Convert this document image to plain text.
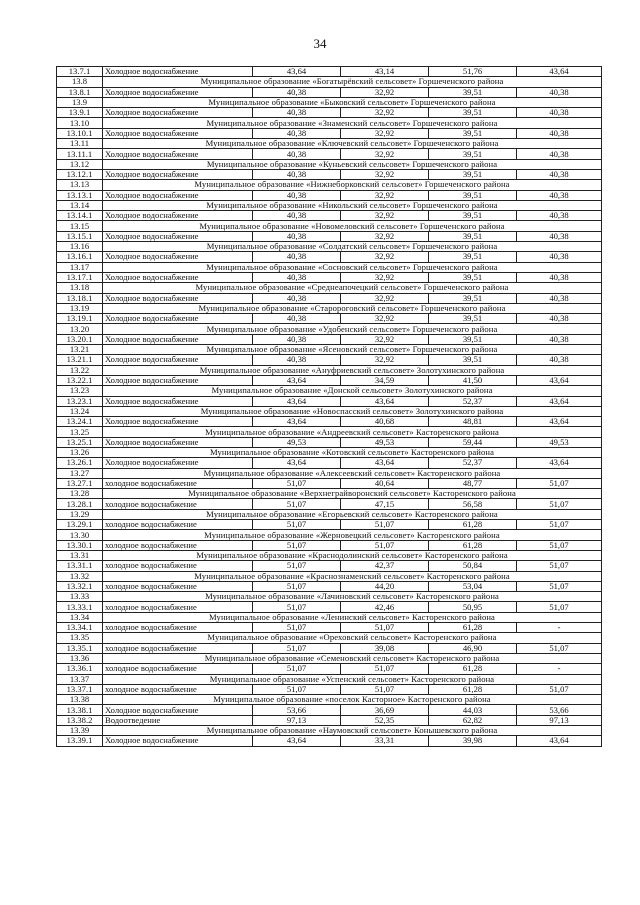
34
13.7.1	Холодное водоснабжение	43,64	43,14	51,76	43,64
13.8	Муниципальное образование «Богатырёвский сельсовет» Горшеченского района				
13.8.1	Холодное водоснабжение	40,38	32,92	39,51	40,38
13.9	Муниципальное образование «Быковский сельсовет» Горшеченского района				
13.9.1	Холодное водоснабжение	40,38	32,92	39,51	40,38
13.10	Муниципальное образование «Знаменский сельсовет» Горшеченского района				
13.10.1	Холодное водоснабжение	40,38	32,92	39,51	40,38
13.11	Муниципальное образование «Ключевский сельсовет» Горшеченского района				
13.11.1	Холодное водоснабжение	40,38	32,92	39,51	40,38
13.12	Муниципальное образование «Куньевский сельсовет» Горшеченского района				
13.12.1	Холодное водоснабжение	40,38	32,92	39,51	40,38
13.13	Муниципальное образование «Нижнеборковский сельсовет» Горшеченского района				
13.13.1	Холодное водоснабжение	40,38	32,92	39,51	40,38
13.14	Муниципальное образование «Никольский сельсовет» Горшеченского района				
13.14.1	Холодное водоснабжение	40,38	32,92	39,51	40,38
13.15	Муниципальное образование «Новомеловский сельсовет» Горшеченского района				
13.15.1	Холодное водоснабжение	40,38	32,92	39,51	40,38
13.16	Муниципальное образование «Солдатский сельсовет» Горшеченского района				
13.16.1	Холодное водоснабжение	40,38	32,92	39,51	40,38
13.17	Муниципальное образование «Сосновский сельсовет» Горшеченского района				
13.17.1	Холодное водоснабжение	40,38	32,92	39,51	40,38
13.18	Муниципальное образование «Среднеапочецкий сельсовет» Горшеченского района				
13.18.1	Холодное водоснабжение	40,38	32,92	39,51	40,38
13.19	Муниципальное образование «Старороговский сельсовет» Горшеченского района				
13.19.1	Холодное водоснабжение	40,38	32,92	39,51	40,38
13.20	Муниципальное образование «Удобенский сельсовет» Горшеченского района				
13.20.1	Холодное водоснабжение	40,38	32,92	39,51	40,38
13.21	Муниципальное образование «Ясеновский сельсовет» Горшеченского района				
13.21.1	Холодное водоснабжение	40,38	32,92	39,51	40,38
13.22	Муниципальное образование «Ануфриевский сельсовет» Золотухинского района				
13.22.1	Холодное водоснабжение	43,64	34,59	41,50	43,64
13.23	Муниципальное образование «Донской сельсовет» Золотухинского района				
13.23.1	Холодное водоснабжение	43,64	43,64	52,37	43,64
13.24	Муниципальное образование «Новоспасский сельсовет» Золотухинского района				
13.24.1	Холодное водоснабжение	43,64	40,68	48,81	43,64
13.25	Муниципальное образование «Андреевский сельсовет» Касторенского района				
13.25.1	Холодное водоснабжение	49,53	49,53	59,44	49,53
13.26	Муниципальное образование «Котовский сельсовет» Касторенского района				
13.26.1	Холодное водоснабжение	43,64	43,64	52,37	43,64
13.27	Муниципальное образование «Алексеевский сельсовет» Касторенского района				
13.27.1	холодное водоснабжение	51,07	40,64	48,77	51,07
13.28	Муниципальное образование «Верхнеграйворонский сельсовет» Касторенского района				
13.28.1	холодное водоснабжение	51,07	47,15	56,58	51,07
13.29	Муниципальное образование «Егорьевский сельсовет» Касторенского района				
13.29.1	холодное водоснабжение	51,07	51,07	61,28	51,07
13.30	Муниципальное образование «Жерновецкий сельсовет» Касторенского района				
13.30.1	холодное водоснабжение	51,07	51,07	61,28	51,07
13.31	Муниципальное образование «Краснодолинский сельсовет» Касторенского района				
13.31.1	холодное водоснабжение	51,07	42,37	50,84	51,07
13.32	Муниципальное образование «Краснознаменский сельсовет» Касторенского района				
13.32.1	холодное водоснабжение	51,07	44,20	53,04	51,07
13.33	Муниципальное образование «Лачиновский сельсовет» Касторенского района				
13.33.1	холодное водоснабжение	51,07	42,46	50,95	51,07
13.34	Муниципальное образование «Ленинский сельсовет» Касторенского района				
13.34.1	холодное водоснабжение	51,07	51,07	61,28	-
13.35	Муниципальное образование «Ореховский сельсовет» Касторенского района				
13.35.1	холодное водоснабжение	51,07	39,08	46,90	51,07
13.36	Муниципальное образование «Семеновский сельсовет» Касторенского района				
13.36.1	холодное водоснабжение	51,07	51,07	61,28	-
13.37	Муниципальное образование «Успенский сельсовет» Касторенского района				
13.37.1	холодное водоснабжение	51,07	51,07	61,28	51,07
13.38	Муниципальное образование «поселок Касторное» Касторенского района				
13.38.1	Холодное водоснабжение	53,66	36,69	44,03	53,66
13.38.2	Водоотведение	97,13	52,35	62,82	97,13
13.39	Муниципальное образование «Наумовский сельсовет» Конышевского района				
13.39.1	Холодное водоснабжение	43,64	33,31	39,98	43,64
